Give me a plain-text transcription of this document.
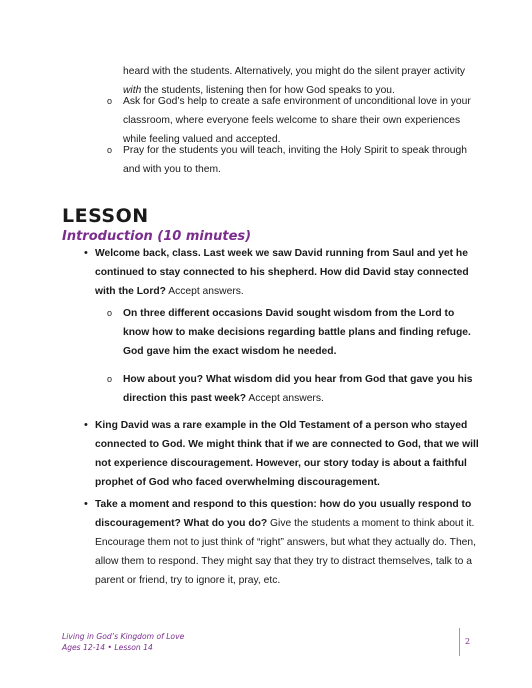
heard with the students. Alternatively, you might do the silent prayer activity with the students, listening then for how God speaks to you.

o Ask for God’s help to create a safe environment of unconditional love in your classroom, where everyone feels welcome to share their own experiences while feeling valued and accepted.

o Pray for the students you will teach, inviting the Holy Spirit to speak through and with you to them.

LESSON
Introduction (10 minutes)
• Welcome back, class. Last week we saw David running from Saul and yet he continued to stay connected to his shepherd. How did David stay connected with the Lord? Accept answers.

o On three different occasions David sought wisdom from the Lord to know how to make decisions regarding battle plans and finding refuge. God gave him the exact wisdom he needed.

o How about you? What wisdom did you hear from God that gave you his direction this past week? Accept answers.

• King David was a rare example in the Old Testament of a person who stayed connected to God. We might think that if we are connected to God, that we will not experience discouragement. However, our story today is about a faithful prophet of God who faced overwhelming discouragement.

• Take a moment and respond to this question: how do you usually respond to discouragement? What do you do? Give the students a moment to think about it. Encourage them not to just think of “right” answers, but what they actually do. Then, allow them to respond. They might say that they try to distract themselves, talk to a parent or friend, try to ignore it, pray, etc.

Living in God’s Kingdom of Love
Ages 12-14 • Lesson 14
2
